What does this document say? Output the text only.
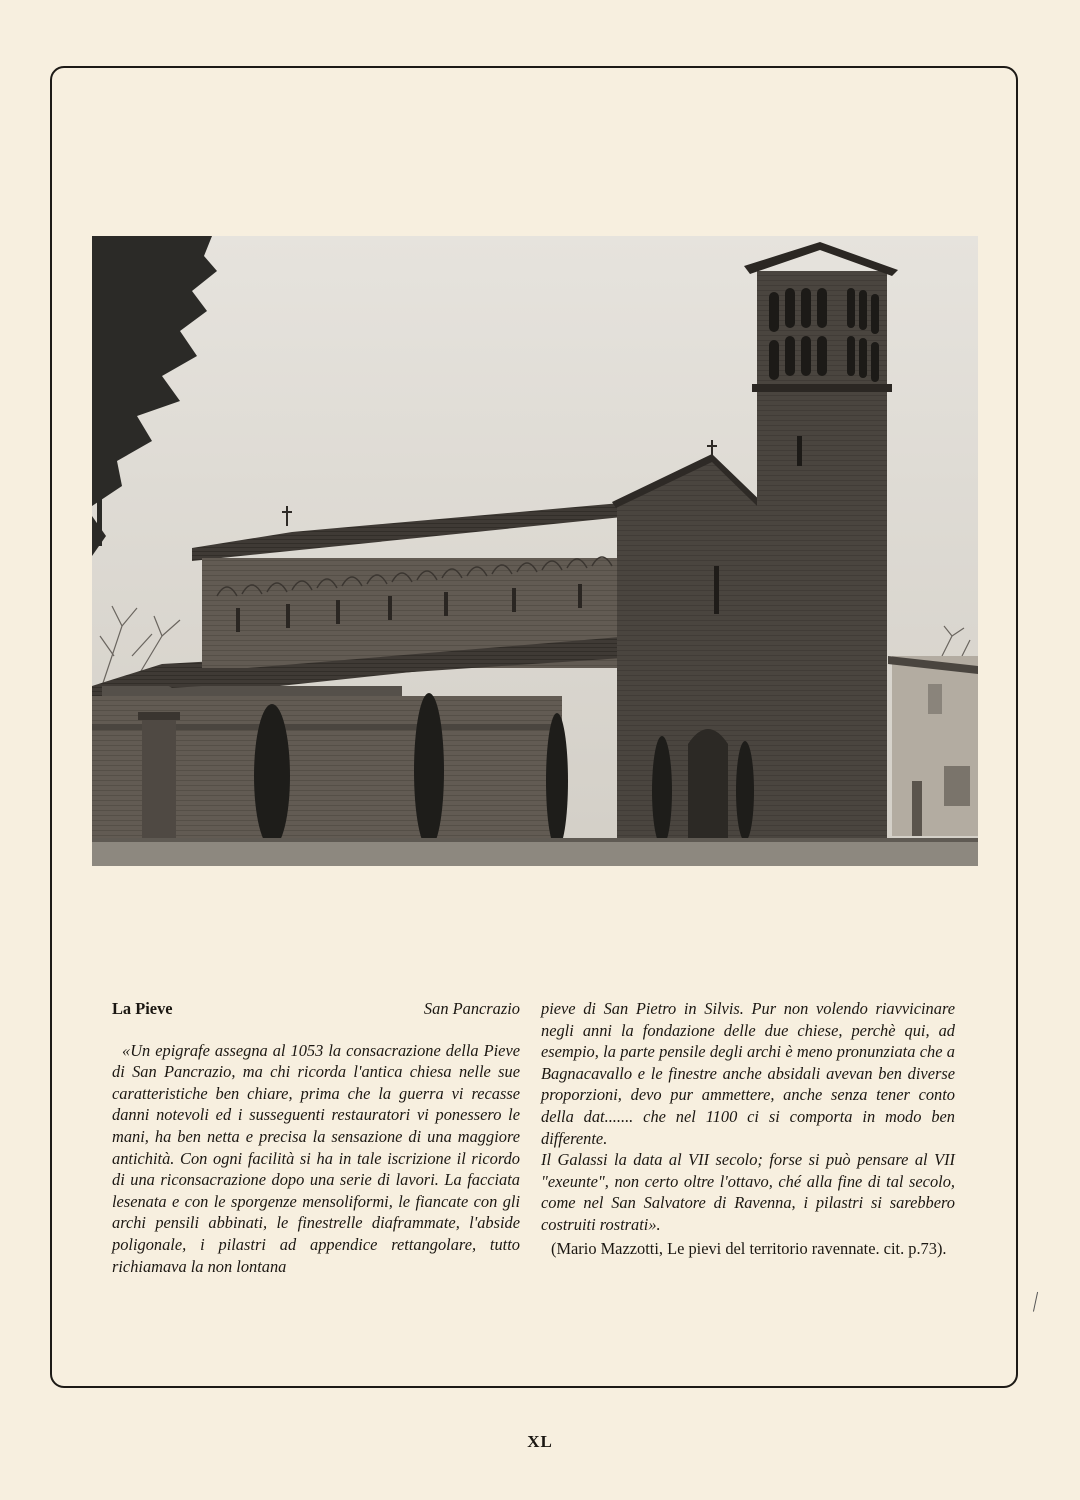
La Pieve	San Pancrazio

«Un epigrafe assegna al 1053 la consacrazione della Pieve di San Pancrazio, ma chi ricorda l'antica chiesa nelle sue caratteristiche ben chiare, prima che la guerra vi recasse danni notevoli ed i susseguenti restauratori vi ponessero le mani, ha ben netta e precisa la sensazione di una maggiore antichità. Con ogni facilità si ha in tale iscrizione il ricordo di una riconsacrazione dopo una serie di lavori. La facciata lesenata e con le sporgenze mensoliformi, le fiancate con gli archi pensili abbinati, le finestrelle diaframmate, l'abside poligonale, i pilastri ad appendice rettangolare, tutto richiamava la non lontana

pieve di San Pietro in Silvis. Pur non volendo riavvicinare negli anni la fondazione delle due chiese, perchè qui, ad esempio, la parte pensile degli archi è meno pronunziata che a Bagnacavallo e le finestre anche absidali avevan ben diverse proporzioni, devo pur ammettere, anche senza tener conto della dat....... che nel 1100 ci si comporta in modo ben differente.

Il Galassi la data al VII secolo; forse si può pensare al VII "exeunte", non certo oltre l'ottavo, ché alla fine di tal secolo, come nel San Salvatore di Ravenna, i pilastri si sarebbero costruiti rostrati».

(Mario Mazzotti, Le pievi del territorio ravennate. cit. p.73).

XL
